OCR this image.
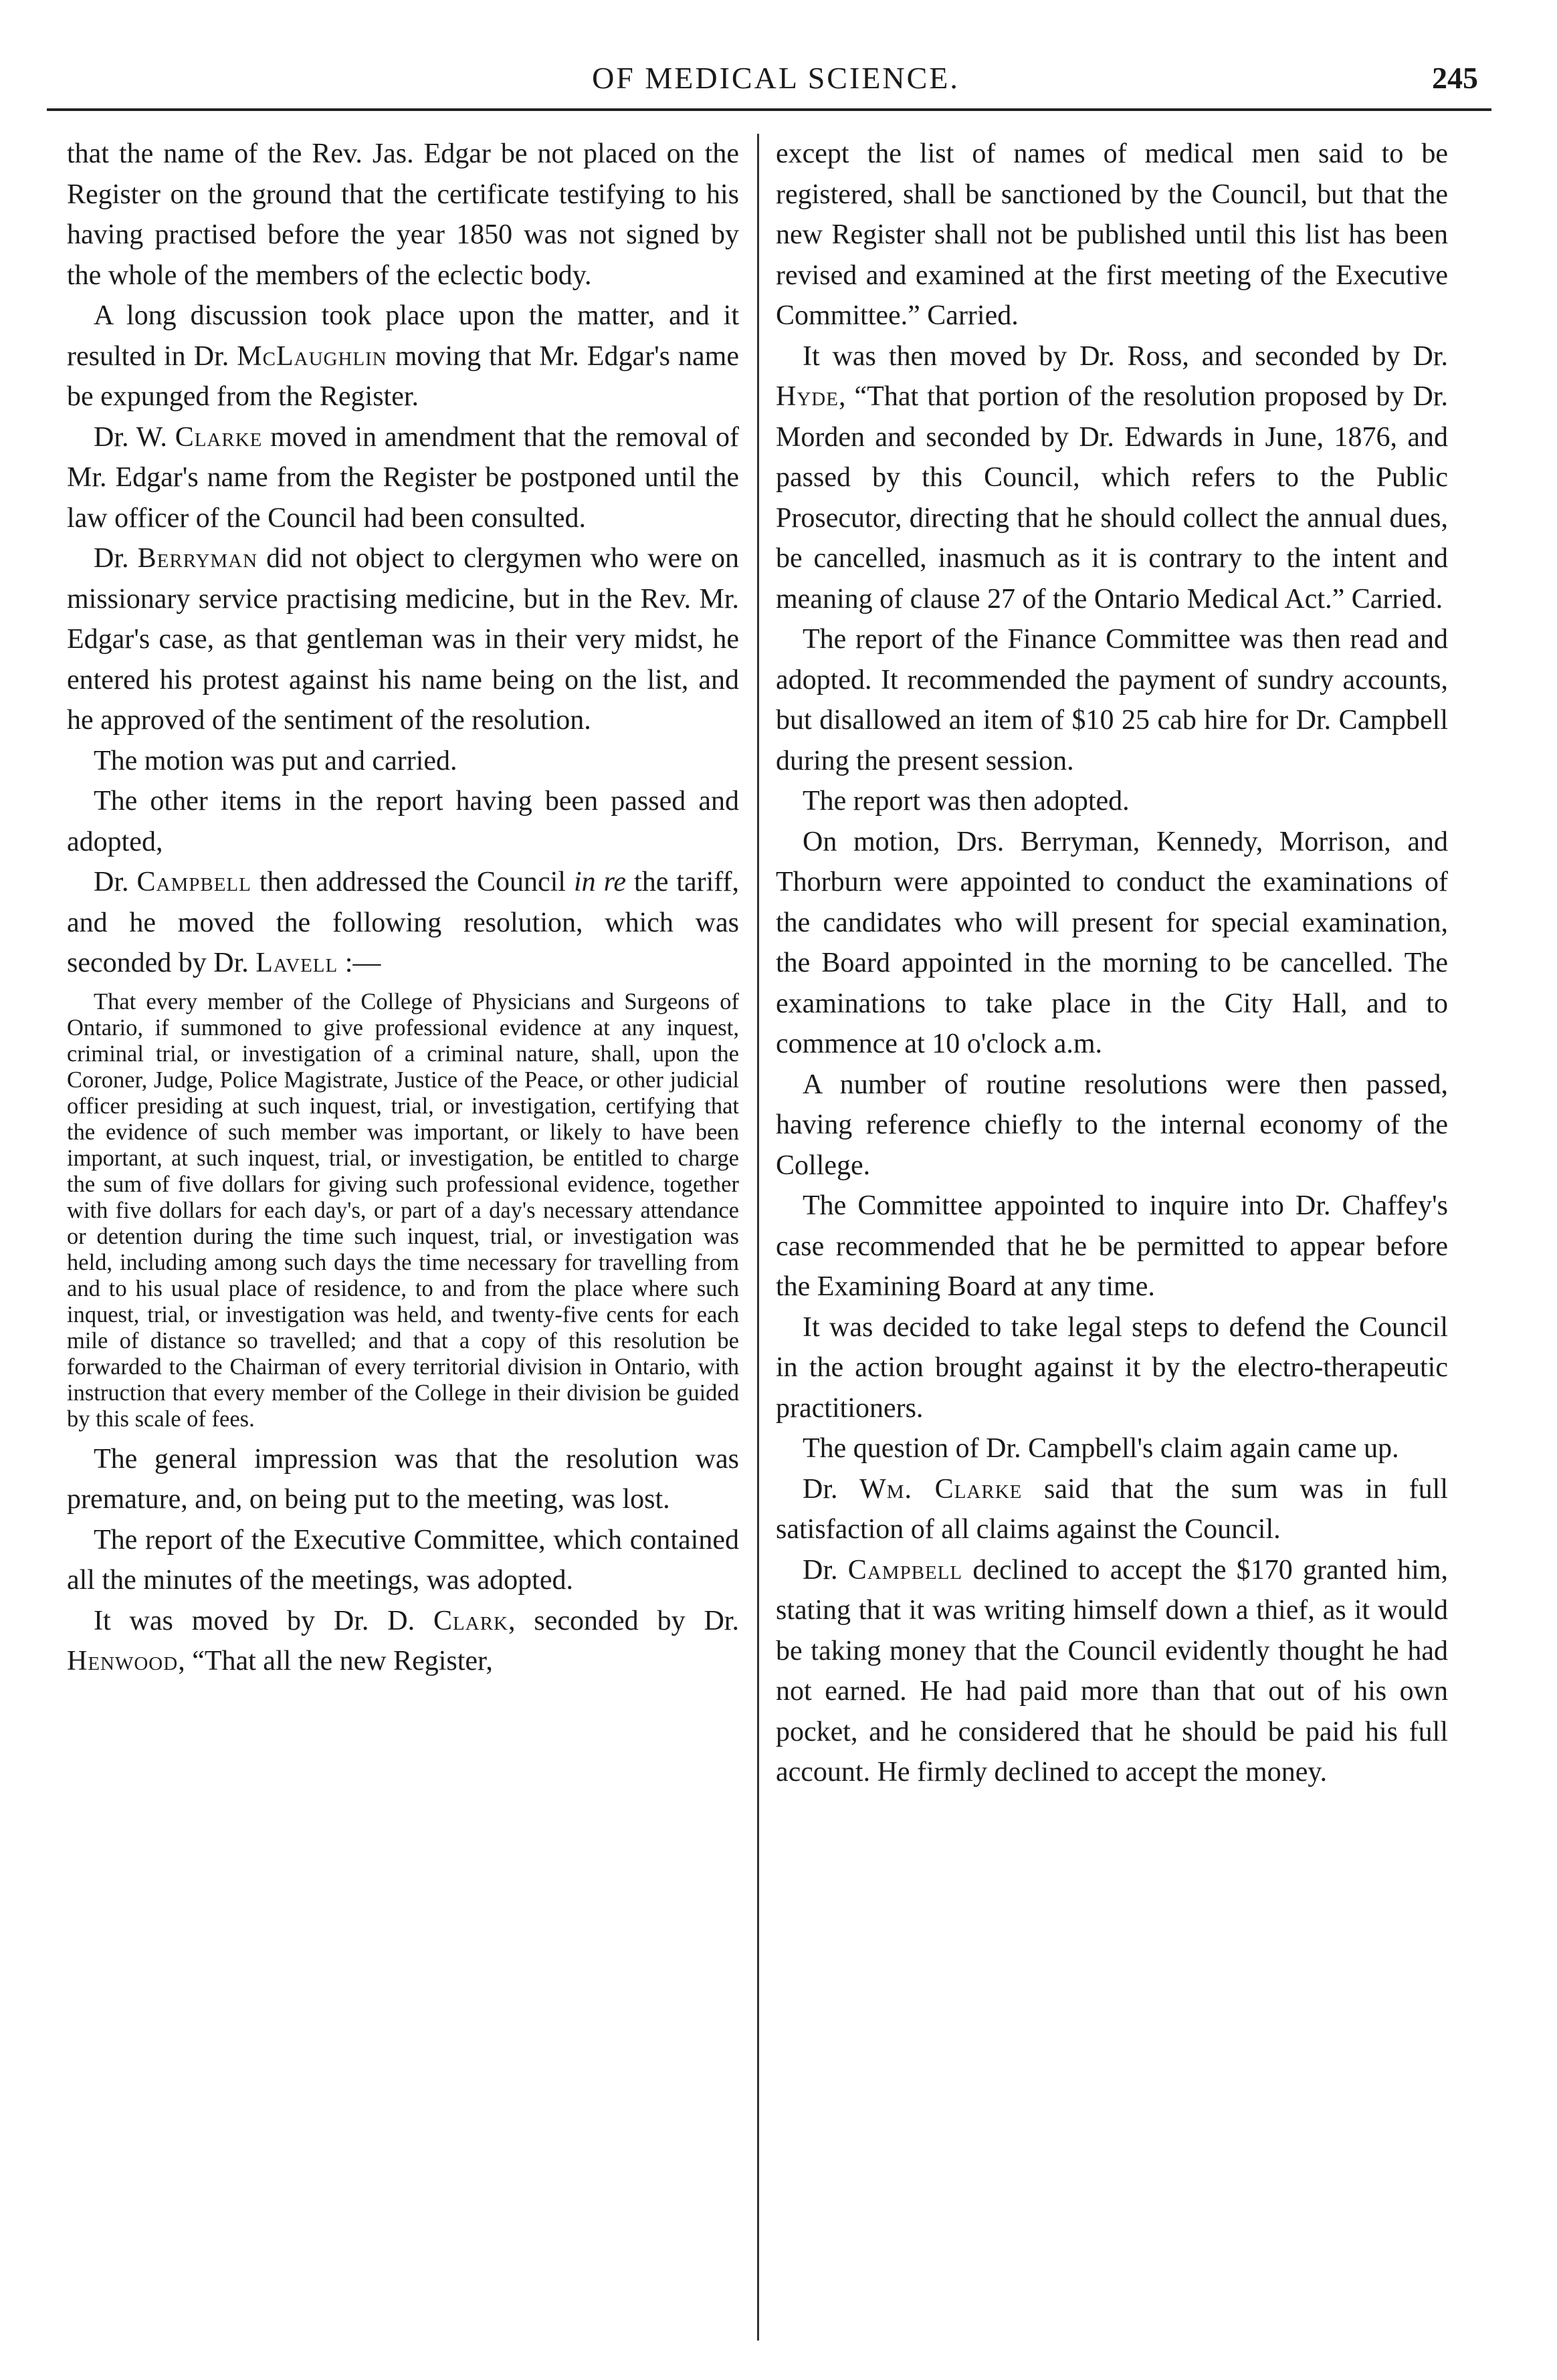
OF MEDICAL SCIENCE.	245

that the name of the Rev. Jas. Edgar be not placed on the Register on the ground that the certificate testifying to his having practised before the year 1850 was not signed by the whole of the members of the eclectic body.

A long discussion took place upon the matter, and it resulted in Dr. McLaughlin moving that Mr. Edgar's name be expunged from the Register.

Dr. W. Clarke moved in amendment that the removal of Mr. Edgar's name from the Register be postponed until the law officer of the Council had been consulted.

Dr. Berryman did not object to clergymen who were on missionary service practising medicine, but in the Rev. Mr. Edgar's case, as that gentleman was in their very midst, he entered his protest against his name being on the list, and he approved of the sentiment of the resolution.

The motion was put and carried.

The other items in the report having been passed and adopted,

Dr. Campbell then addressed the Council in re the tariff, and he moved the following resolution, which was seconded by Dr. Lavell :—

That every member of the College of Physicians and Surgeons of Ontario, if summoned to give professional evidence at any inquest, criminal trial, or investigation of a criminal nature, shall, upon the Coroner, Judge, Police Magistrate, Justice of the Peace, or other judicial officer presiding at such inquest, trial, or investigation, certifying that the evidence of such member was important, or likely to have been important, at such inquest, trial, or investigation, be entitled to charge the sum of five dollars for giving such professional evidence, together with five dollars for each day's, or part of a day's necessary attendance or detention during the time such inquest, trial, or investigation was held, including among such days the time necessary for travelling from and to his usual place of residence, to and from the place where such inquest, trial, or investigation was held, and twenty-five cents for each mile of distance so travelled; and that a copy of this resolution be forwarded to the Chairman of every territorial division in Ontario, with instruction that every member of the College in their division be guided by this scale of fees.

The general impression was that the resolution was premature, and, on being put to the meeting, was lost.

The report of the Executive Committee, which contained all the minutes of the meetings, was adopted.

It was moved by Dr. D. Clark, seconded by Dr. Henwood, “That all the new Register,

except the list of names of medical men said to be registered, shall be sanctioned by the Council, but that the new Register shall not be published until this list has been revised and examined at the first meeting of the Executive Committee.” Carried.

It was then moved by Dr. Ross, and seconded by Dr. Hyde, “That that portion of the resolution proposed by Dr. Morden and seconded by Dr. Edwards in June, 1876, and passed by this Council, which refers to the Public Prosecutor, directing that he should collect the annual dues, be cancelled, inasmuch as it is contrary to the intent and meaning of clause 27 of the Ontario Medical Act.” Carried.

The report of the Finance Committee was then read and adopted. It recommended the payment of sundry accounts, but disallowed an item of $10 25 cab hire for Dr. Campbell during the present session.

The report was then adopted.

On motion, Drs. Berryman, Kennedy, Morrison, and Thorburn were appointed to conduct the examinations of the candidates who will present for special examination, the Board appointed in the morning to be cancelled. The examinations to take place in the City Hall, and to commence at 10 o'clock a.m.

A number of routine resolutions were then passed, having reference chiefly to the internal economy of the College.

The Committee appointed to inquire into Dr. Chaffey's case recommended that he be permitted to appear before the Examining Board at any time.

It was decided to take legal steps to defend the Council in the action brought against it by the electro-therapeutic practitioners.

The question of Dr. Campbell's claim again came up.

Dr. Wm. Clarke said that the sum was in full satisfaction of all claims against the Council.

Dr. Campbell declined to accept the $170 granted him, stating that it was writing himself down a thief, as it would be taking money that the Council evidently thought he had not earned. He had paid more than that out of his own pocket, and he considered that he should be paid his full account. He firmly declined to accept the money.
